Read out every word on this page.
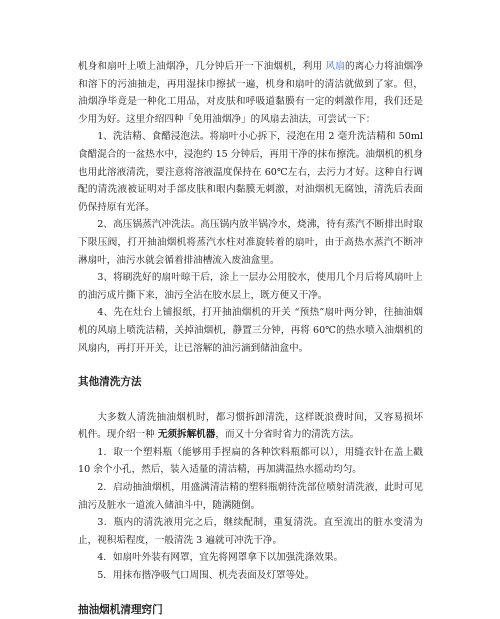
机身和扇叶上喷上油烟净，几分钟后开一下油烟机，利用 风扇的离心力将油烟净和溶下的污油抽走，再用湿抹巾擦拭一遍，机身和扇叶的清洁就做到了家。但，油烟净毕竟是一种化工用品，对皮肤和呼吸道黏膜有一定的刺激作用，我们还是少用为好。这里介绍四种「免用油烟净」的风扇去油法，可尝试一下：

1、洗洁精、食醋浸泡法。将扇叶小心拆下，浸泡在用 2 毫升洗洁精和 50ml 食醋混合的一盆热水中，浸泡约 15 分钟后，再用干净的抹布擦洗。油烟机的机身也用此溶液清洗，要注意将溶液温度保持在 60℃左右，去污力才好。这种自行调配的清洗液被证明对手部皮肤和眼内黏膜无刺激，对油烟机无腐蚀，清洗后表面仍保持原有光泽。

2、高压锅蒸汽冲洗法。高压锅内放半锅冷水，烧沸，待有蒸汽不断排出时取下限压阀，打开抽油烟机将蒸汽水柱对准旋转着的扇叶，由于高热水蒸汽不断冲淋扇叶，油污水就会循着排油槽流入废油盒里。

3、将刷洗好的扇叶晾干后，涂上一层办公用胶水，使用几个月后将风扇叶上的油污成片撕下来，油污全沾在胶水层上，既方便又干净。

4、先在灶台上铺报纸，打开抽油烟机的开关 “预热”扇叶两分钟，往抽油烟机的风扇上喷洗洁精，关掉油烟机，静置三分钟，再将 60℃的热水喷入油烟机的风扇内，再打开开关，让已溶解的油污滴到储油盒中。

其他清洗方法

大多数人清洗抽油烟机时，都习惯拆卸清洗，这样既浪费时间，又容易损坏机件。现介绍一种 无须拆解机器，而又十分省时省力的清洗方法。

1．取一个塑料瓶（能够用手捏扁的各种饮料瓶都可以），用缝衣针在盖上戳 10 余个小孔，然后，装入适量的清洁精，再加满温热水摇动均匀。

2．启动抽油烟机，用盛满清洁精的塑料瓶朝待洗部位喷射清洗液，此时可见油污及脏水一道流入储油斗中，随满随倒。

3．瓶内的清洗液用完之后，继续配制，重复清洗。直至流出的脏水变清为止，视积垢程度，一般清洗 3 遍就可冲洗干净。

4．如扇叶外装有网罩，宜先将网罩拿下以加强洗涤效果。

5．用抹布揩净吸气口周围、机壳表面及灯罩等处。

抽油烟机清理窍门
